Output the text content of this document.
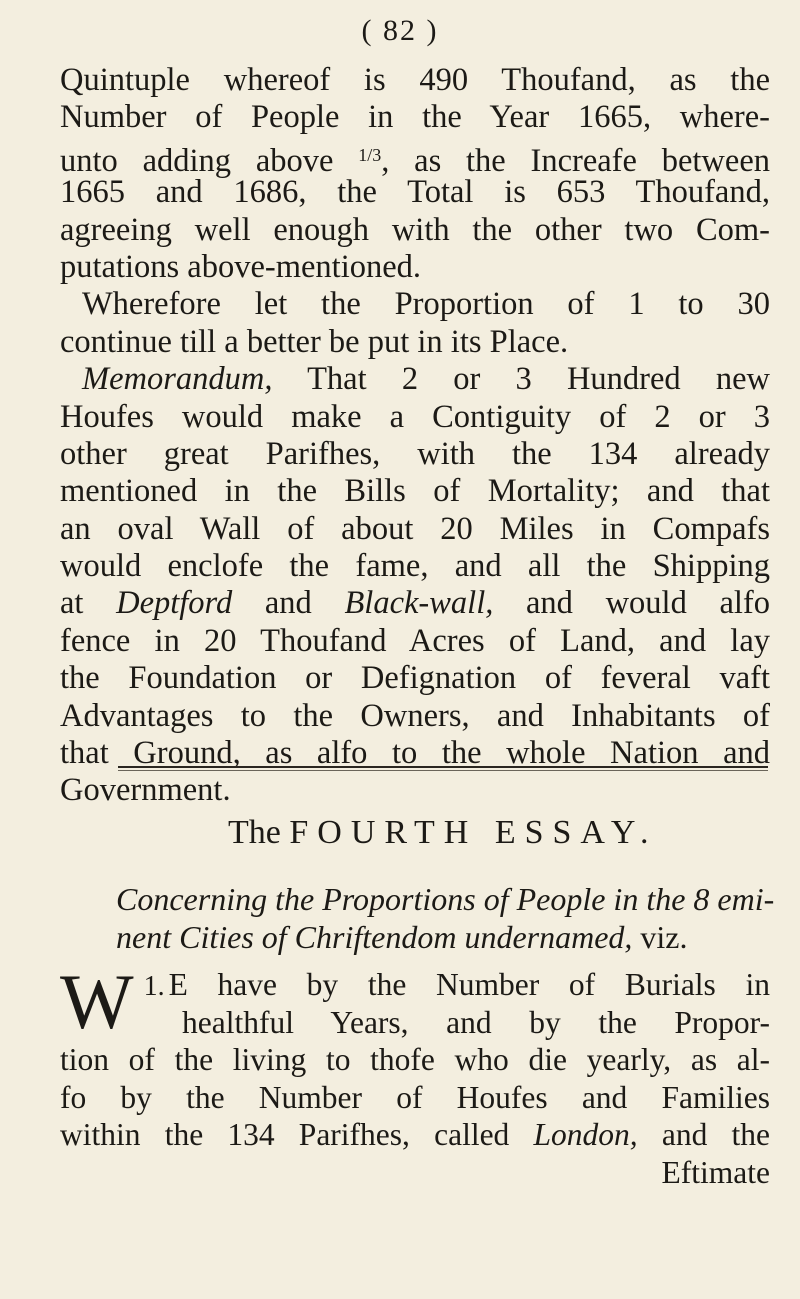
( 82 )
Quintuple whereof is 490 Thoufand, as the
Number of People in the Year 1665, where-
unto adding above $^{1/3}$, as the Increafe between
1665 and 1686, the Total is 653 Thoufand,
agreeing well enough with the other two Com-
putations above-mentioned.
Wherefore let the Proportion of 1 to 30
continue till a better be put in its Place.
Memorandum, That 2 or 3 Hundred new
Houfes would make a Contiguity of 2 or 3
other great Parifhes, with the 134 already
mentioned in the Bills of Mortality; and that
an oval Wall of about 20 Miles in Compafs
would enclofe the fame, and all the Shipping
at Deptford and Black-wall, and would alfo
fence in 20 Thoufand Acres of Land, and lay
the Foundation or Defignation of feveral vaft
Advantages to the Owners, and Inhabitants of
that Ground, as alfo to the whole Nation and
Government.
The FOURTH ESSAY.
Concerning the Proportions of People in the 8 emi-
nent Cities of Chriftendom undernamed, viz.
1.
W E have by the Number of Burials in
healthful Years, and by the Propor-
tion of the living to thofe who die yearly, as al-
fo by the Number of Houfes and Families
within the 134 Parifhes, called London, and the
Eftimate
